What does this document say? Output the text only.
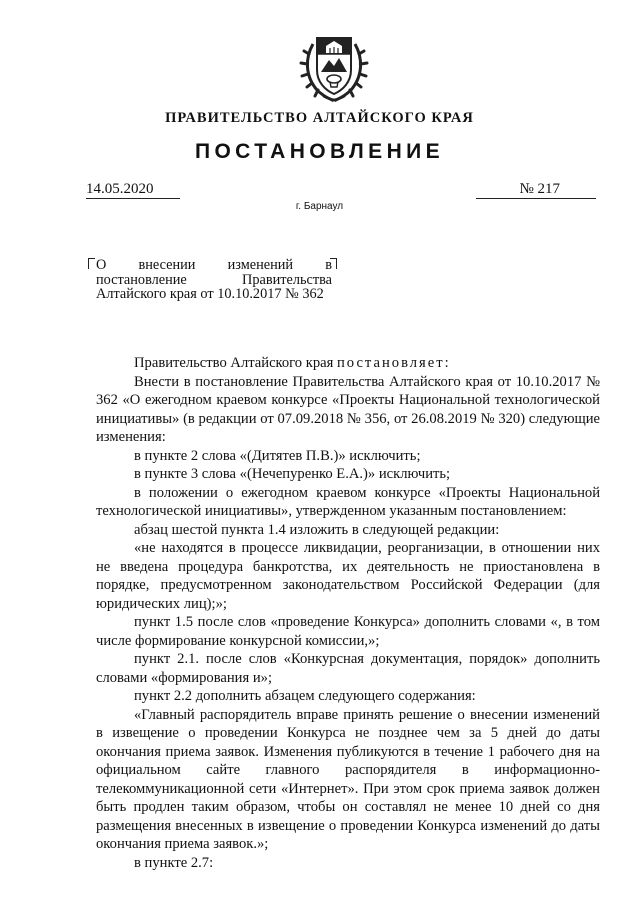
ПРАВИТЕЛЬСТВО АЛТАЙСКОГО КРАЯ
ПОСТАНОВЛЕНИЕ
14.05.2020	№ 217
г. Барнаул
О внесении изменений в постановление Правительства Алтайского края от 10.10.2017 № 362

Правительство Алтайского края постановляет:

Внести в постановление Правительства Алтайского края от 10.10.2017 № 362 «О ежегодном краевом конкурсе «Проекты Национальной технологической инициативы» (в редакции от 07.09.2018 № 356, от 26.08.2019 № 320) следующие изменения:

в пункте 2 слова «(Дитятев П.В.)» исключить;

в пункте 3 слова «(Нечепуренко Е.А.)» исключить;

в положении о ежегодном краевом конкурсе «Проекты Национальной технологической инициативы», утвержденном указанным постановлением:

абзац шестой пункта 1.4 изложить в следующей редакции:

«не находятся в процессе ликвидации, реорганизации, в отношении них не введена процедура банкротства, их деятельность не приостановлена в порядке, предусмотренном законодательством Российской Федерации (для юридических лиц);»;

пункт 1.5 после слов «проведение Конкурса» дополнить словами «, в том числе формирование конкурсной комиссии,»;

пункт 2.1. после слов «Конкурсная документация, порядок» дополнить словами «формирования и»;

пункт 2.2 дополнить абзацем следующего содержания:

«Главный распорядитель вправе принять решение о внесении изменений в извещение о проведении Конкурса не позднее чем за 5 дней до даты окончания приема заявок. Изменения публикуются в течение 1 рабочего дня на официальном сайте главного распорядителя в информационно-телекоммуникационной сети «Интернет». При этом срок приема заявок должен быть продлен таким образом, чтобы он составлял не менее 10 дней со дня размещения внесенных в извещение о проведении Конкурса изменений до даты окончания приема заявок.»;

в пункте 2.7:
